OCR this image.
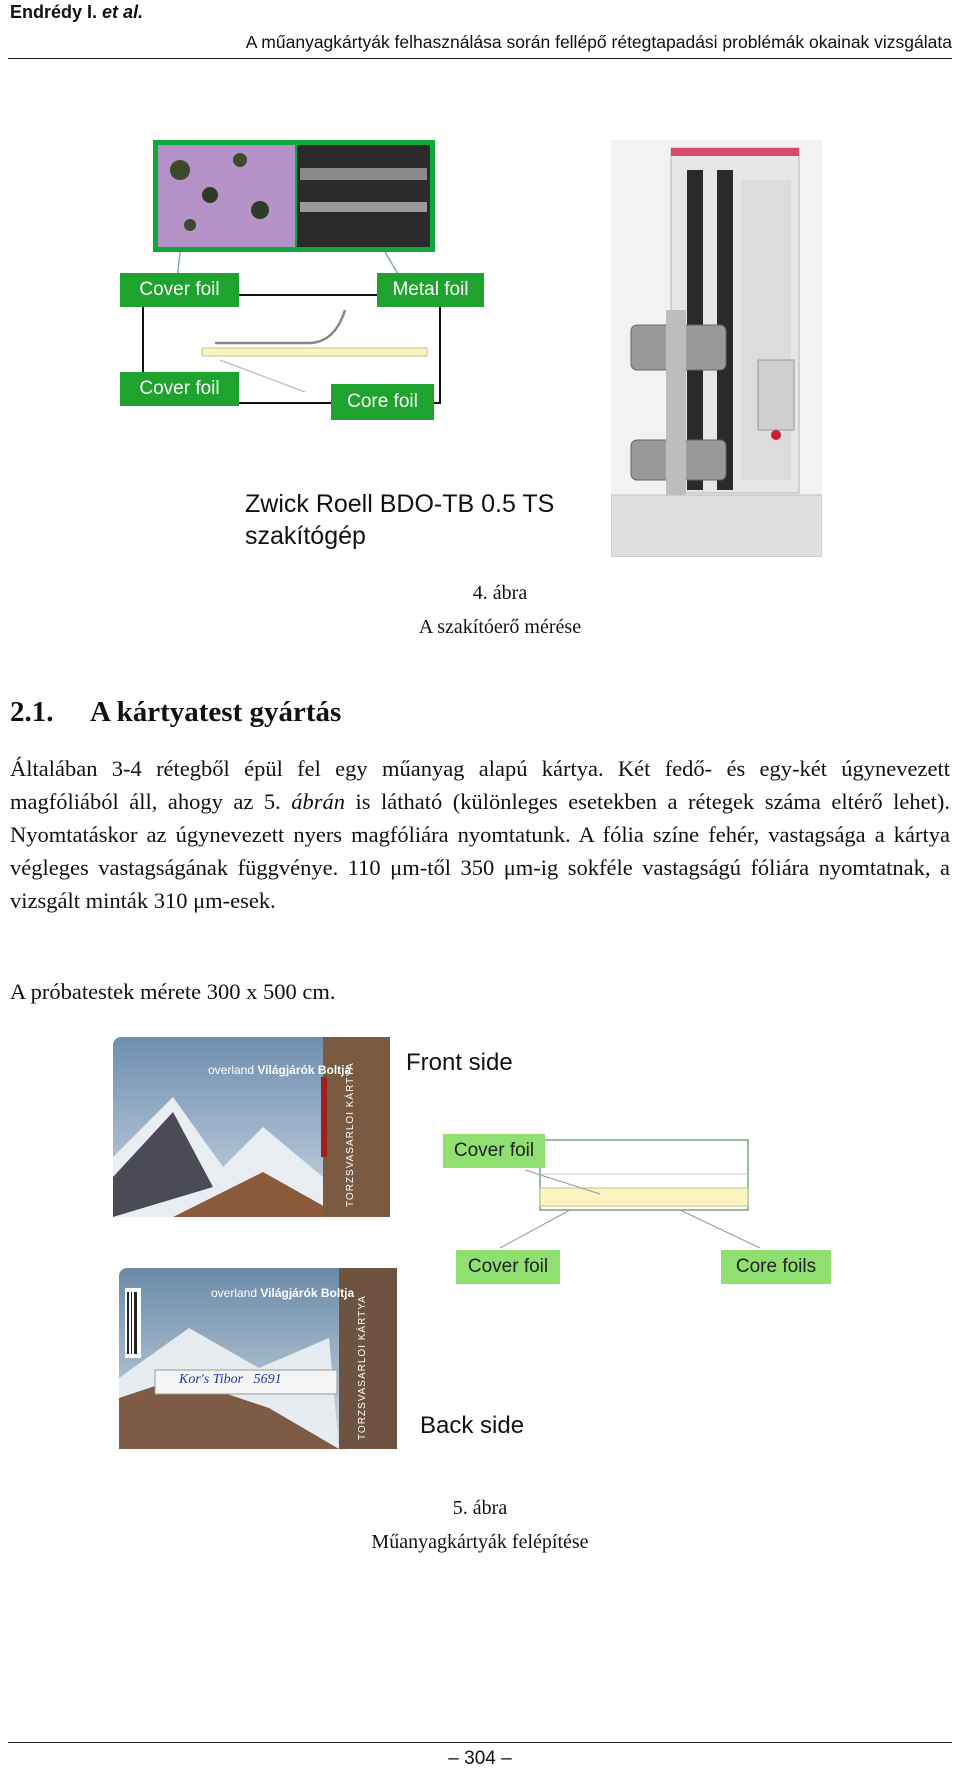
Endrédy I. et al.
A műanyagkártyák felhasználása során fellépő rétegtapadási problémák okainak vizsgálata
Cover foil	Metal foil
Cover foil
Core foil
Zwick Roell BDO-TB 0.5 TS
szakítógép
4. ábra
A szakítóerő mérése
2.1. A kártyatest gyártás
Általában 3-4 rétegből épül fel egy műanyag alapú kártya. Két fedő- és egy-két úgynevezett magfóliából áll, ahogy az 5. ábrán is látható (különleges esetekben a rétegek száma eltérő lehet). Nyomtatáskor az úgynevezett nyers magfóliára nyomtatunk. A fólia színe fehér, vastagsága a kártya végleges vastagságának függvénye. 110 μm-től 350 μm-ig sokféle vastagságú fóliára nyomtatnak, a vizsgált minták 310 μm-esek.
A próbatestek mérete 300 x 500 cm.
overland Világjárók Boltja
TORZSVASARLOI KÁRTYA
overland Világjárók Boltja
Kor's Tibor   5691	TORZSVASARLOI KÁRTYA
Front side
Back side
Cover foil
Cover foil	Core foils
5. ábra
Műanyagkártyák felépítése
– 304 –
